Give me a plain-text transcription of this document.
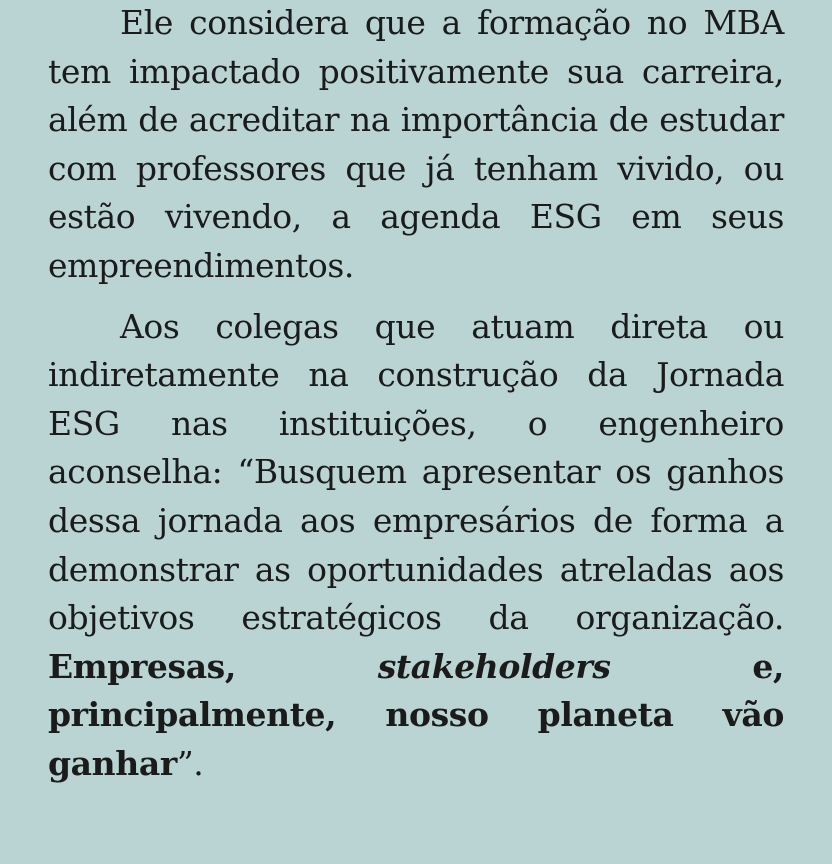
Ele considera que a formação no MBA tem impactado positivamente sua carreira, além de acreditar na importância de estudar com professores que já tenham vivido, ou estão vivendo, a agenda ESG em seus empreendimentos.

Aos colegas que atuam direta ou indiretamente na construção da Jornada ESG nas instituições, o engenheiro aconselha: “Busquem apresentar os ganhos dessa jornada aos empresários de forma a demonstrar as oportunidades atreladas aos objetivos estratégicos da organização. Empresas, stakeholders e, principalmente, nosso planeta vão ganhar”.
